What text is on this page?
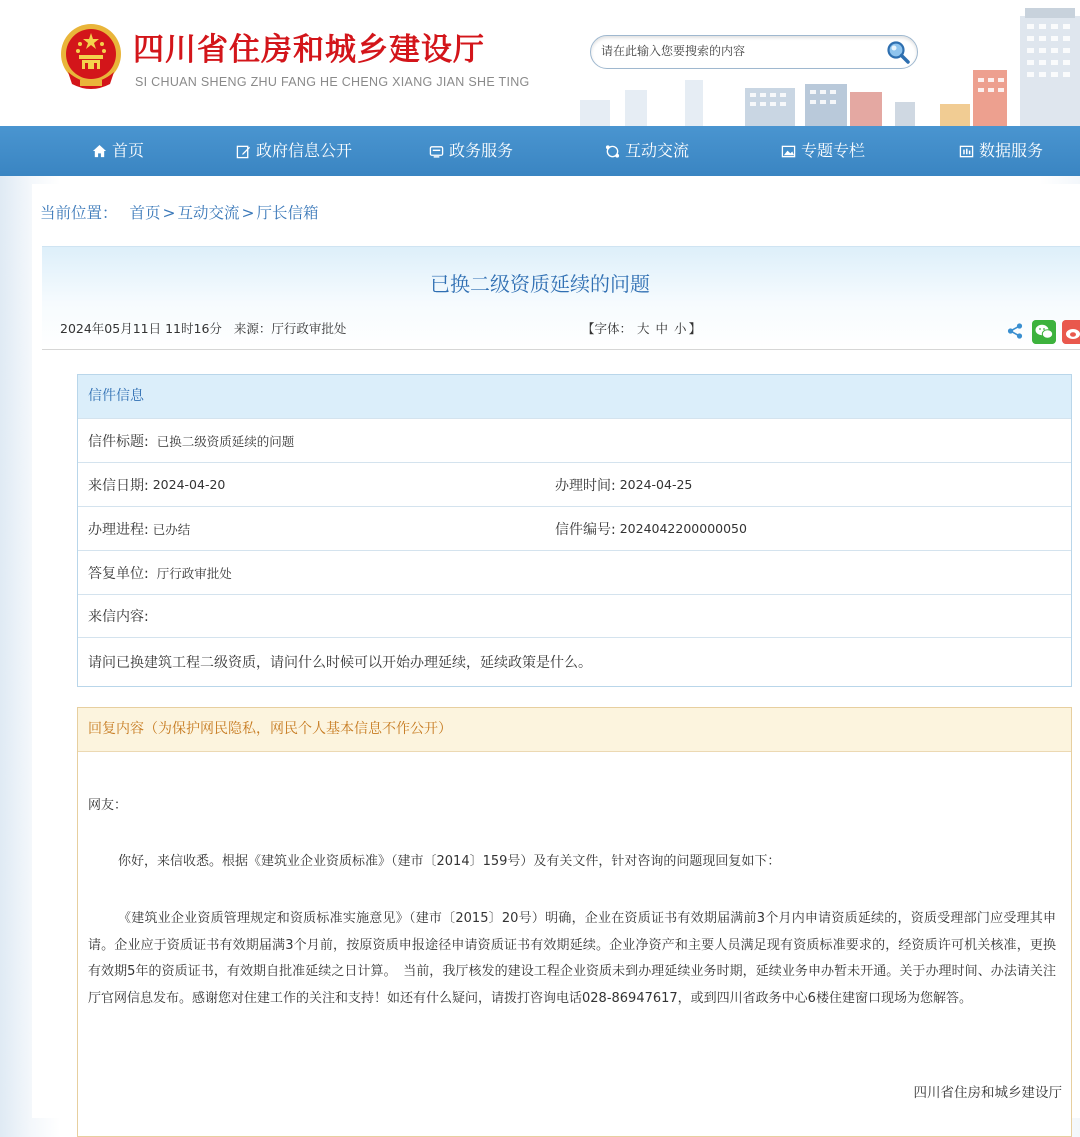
四川省住房和城乡建设厅
SI CHUAN SHENG ZHU FANG HE CHENG XIANG JIAN SHE TING
请在此输入您要搜索的内容
首页	政府信息公开	政务服务	互动交流	专题专栏	数据服务
当前位置： 首页 > 互动交流 > 厅长信箱
已换二级资质延续的问题
2024年05月11日 11时16分 来源：厅行政审批处	【字体： 大 中 小 】
信件信息
信件标题: 已换二级资质延续的问题
来信日期: 2024-04-20	办理时间: 2024-04-25
办理进程: 已办结	信件编号: 2024042200000050
答复单位: 厅行政审批处
来信内容:
请问已换建筑工程二级资质，请问什么时候可以开始办理延续，延续政策是什么。
回复内容（为保护网民隐私，网民个人基本信息不作公开）
网友：
你好，来信收悉。根据《建筑业企业资质标准》（建市〔2014〕159号）及有关文件，针对咨询的问题现回复如下：
《建筑业企业资质管理规定和资质标准实施意见》（建市〔2015〕20号）明确，企业在资质证书有效期届满前3个月内申请资质延续的，资质受理部门应受理其申请。企业应于资质证书有效期届满3个月前，按原资质申报途径申请资质证书有效期延续。企业净资产和主要人员满足现有资质标准要求的，经资质许可机关核准，更换有效期5年的资质证书，有效期自批准延续之日计算。　当前，我厅核发的建设工程企业资质未到办理延续业务时期，延续业务申办暂未开通。关于办理时间、办法请关注厅官网信息发布。感谢您对住建工作的关注和支持！如还有什么疑问，请拨打咨询电话028-86947617，或到四川省政务中心6楼住建窗口现场为您解答。
四川省住房和城乡建设厅
